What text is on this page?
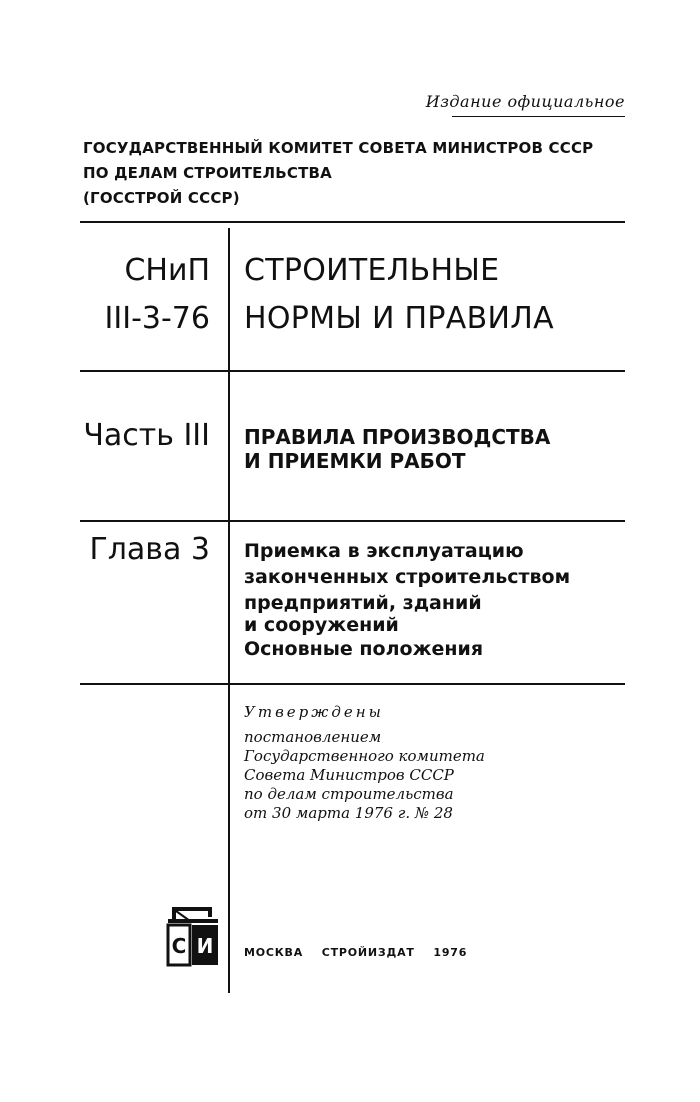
Издание официальное
ГОСУДАРСТВЕННЫЙ КОМИТЕТ СОВЕТА МИНИСТРОВ СССР
ПО ДЕЛАМ СТРОИТЕЛЬСТВА
(ГОССТРОЙ СССР)
СНиП
III-3-76
СТРОИТЕЛЬНЫЕ
НОРМЫ И ПРАВИЛА
Часть III ПРАВИЛА ПРОИЗВОДСТВА
И ПРИЕМКИ РАБОТ
Глава 3 Приемка в эксплуатацию
законченных строительством
предприятий, зданий
и сооружений
Основные положения
Утверждены
постановлением
Государственного комитета
Совета Министров СССР
по делам строительства
от 30 марта 1976 г. № 28
С И	МОСКВА СТРОЙИЗДАТ 1976
